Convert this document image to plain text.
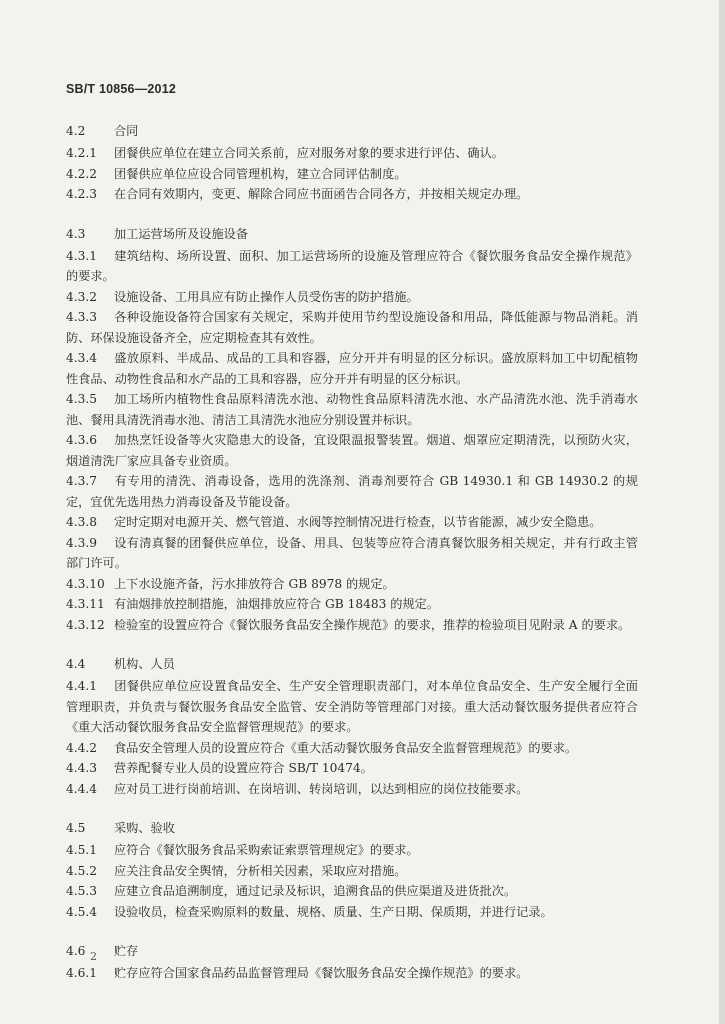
SB/T 10856—2012
4.2 合同

4.2.1 团餐供应单位在建立合同关系前，应对服务对象的要求进行评估、确认。

4.2.2 团餐供应单位应设合同管理机构，建立合同评估制度。

4.2.3 在合同有效期内，变更、解除合同应书面函告合同各方，并按相关规定办理。

4.3 加工运营场所及设施设备

4.3.1 建筑结构、场所设置、面积、加工运营场所的设施及管理应符合《餐饮服务食品安全操作规范》的要求。

4.3.2 设施设备、工用具应有防止操作人员受伤害的防护措施。

4.3.3 各种设施设备符合国家有关规定，采购并使用节约型设施设备和用品，降低能源与物品消耗。消防、环保设施设备齐全，应定期检查其有效性。

4.3.4 盛放原料、半成品、成品的工具和容器，应分开并有明显的区分标识。盛放原料加工中切配植物性食品、动物性食品和水产品的工具和容器，应分开并有明显的区分标识。

4.3.5 加工场所内植物性食品原料清洗水池、动物性食品原料清洗水池、水产品清洗水池、洗手消毒水池、餐用具清洗消毒水池、清洁工具清洗水池应分别设置并标识。

4.3.6 加热烹饪设备等火灾隐患大的设备，宜设限温报警装置。烟道、烟罩应定期清洗，以预防火灾，烟道清洗厂家应具备专业资质。

4.3.7 有专用的清洗、消毒设备，选用的洗涤剂、消毒剂要符合 GB 14930.1 和 GB 14930.2 的规定，宜优先选用热力消毒设备及节能设备。

4.3.8 定时定期对电源开关、燃气管道、水阀等控制情况进行检查，以节省能源，减少安全隐患。

4.3.9 设有清真餐的团餐供应单位，设备、用具、包装等应符合清真餐饮服务相关规定，并有行政主管部门许可。

4.3.10 上下水设施齐备，污水排放符合 GB 8978 的规定。

4.3.11 有油烟排放控制措施，油烟排放应符合 GB 18483 的规定。

4.3.12 检验室的设置应符合《餐饮服务食品安全操作规范》的要求，推荐的检验项目见附录 A 的要求。

4.4 机构、人员

4.4.1 团餐供应单位应设置食品安全、生产安全管理职责部门，对本单位食品安全、生产安全履行全面管理职责，并负责与餐饮服务食品安全监管、安全消防等管理部门对接。重大活动餐饮服务提供者应符合《重大活动餐饮服务食品安全监督管理规范》的要求。

4.4.2 食品安全管理人员的设置应符合《重大活动餐饮服务食品安全监督管理规范》的要求。

4.4.3 营养配餐专业人员的设置应符合 SB/T 10474。

4.4.4 应对员工进行岗前培训、在岗培训、转岗培训，以达到相应的岗位技能要求。

4.5 采购、验收

4.5.1 应符合《餐饮服务食品采购索证索票管理规定》的要求。

4.5.2 应关注食品安全舆情，分析相关因素，采取应对措施。

4.5.3 应建立食品追溯制度，通过记录及标识，追溯食品的供应渠道及进货批次。

4.5.4 设验收员，检查采购原料的数量、规格、质量、生产日期、保质期，并进行记录。

4.6 贮存

4.6.1 贮存应符合国家食品药品监督管理局《餐饮服务食品安全操作规范》的要求。

2
